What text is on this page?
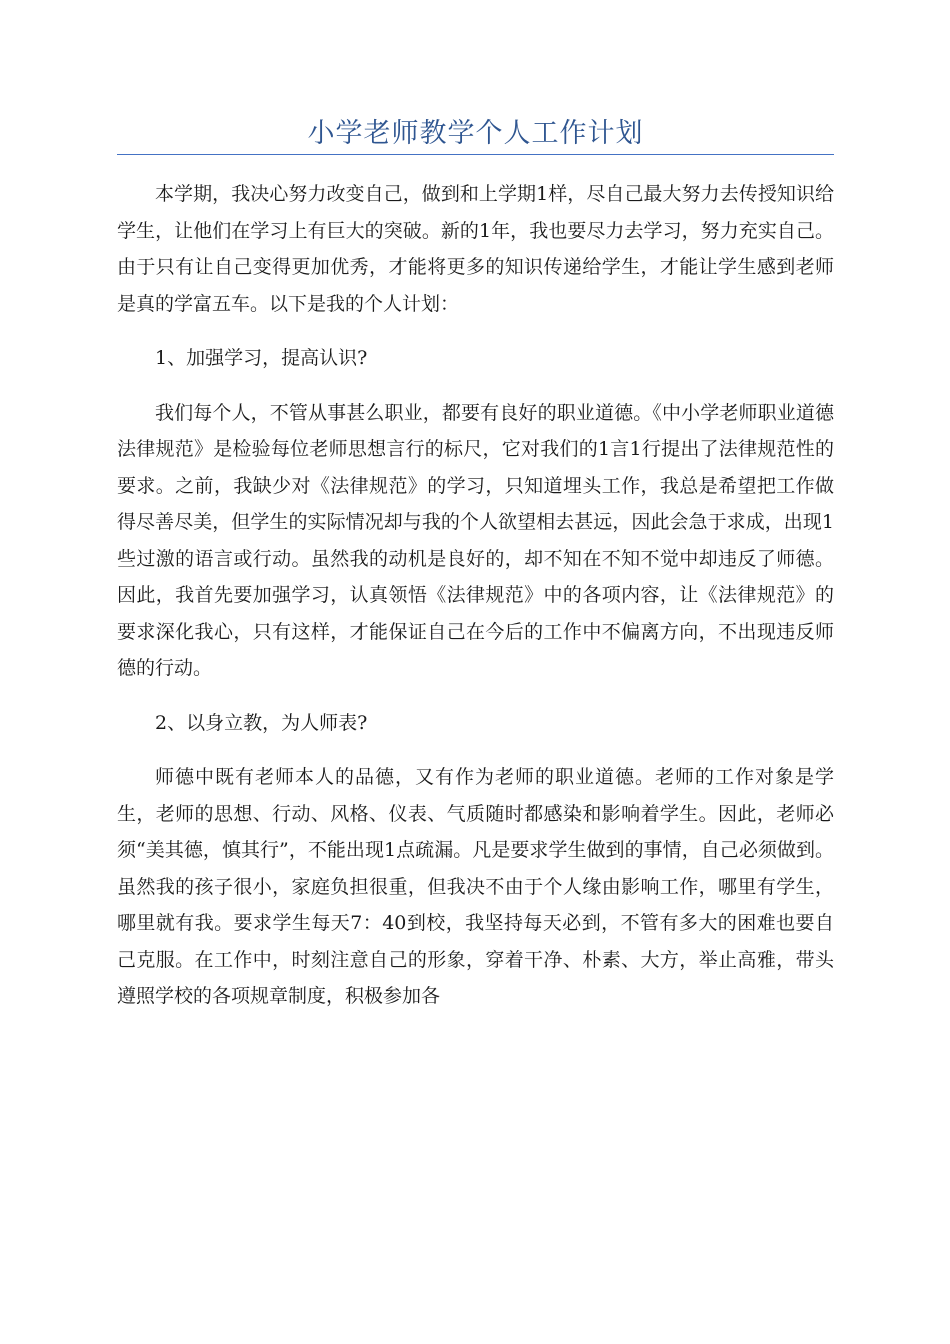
小学老师教学个人工作计划

本学期，我决心努力改变自己，做到和上学期1样，尽自己最大努力去传授知识给学生，让他们在学习上有巨大的突破。新的1年，我也要尽力去学习，努力充实自己。由于只有让自己变得更加优秀，才能将更多的知识传递给学生，才能让学生感到老师是真的学富五车。以下是我的个人计划：

1、加强学习，提高认识?

我们每个人，不管从事甚么职业，都要有良好的职业道德。《中小学老师职业道德法律规范》是检验每位老师思想言行的标尺，它对我们的1言1行提出了法律规范性的要求。之前，我缺少对《法律规范》的学习，只知道埋头工作，我总是希望把工作做得尽善尽美，但学生的实际情况却与我的个人欲望相去甚远，因此会急于求成，出现1些过激的语言或行动。虽然我的动机是良好的，却不知在不知不觉中却违反了师德。因此，我首先要加强学习，认真领悟《法律规范》中的各项内容，让《法律规范》的要求深化我心，只有这样，才能保证自己在今后的工作中不偏离方向，不出现违反师德的行动。

2、以身立教，为人师表?

师德中既有老师本人的品德，又有作为老师的职业道德。老师的工作对象是学生，老师的思想、行动、风格、仪表、气质随时都感染和影响着学生。因此，老师必须“美其德，慎其行”，不能出现1点疏漏。凡是要求学生做到的事情，自己必须做到。虽然我的孩子很小，家庭负担很重，但我决不由于个人缘由影响工作，哪里有学生，哪里就有我。要求学生每天7：40到校，我坚持每天必到，不管有多大的困难也要自己克服。在工作中，时刻注意自己的形象，穿着干净、朴素、大方，举止高雅，带头遵照学校的各项规章制度，积极参加各
